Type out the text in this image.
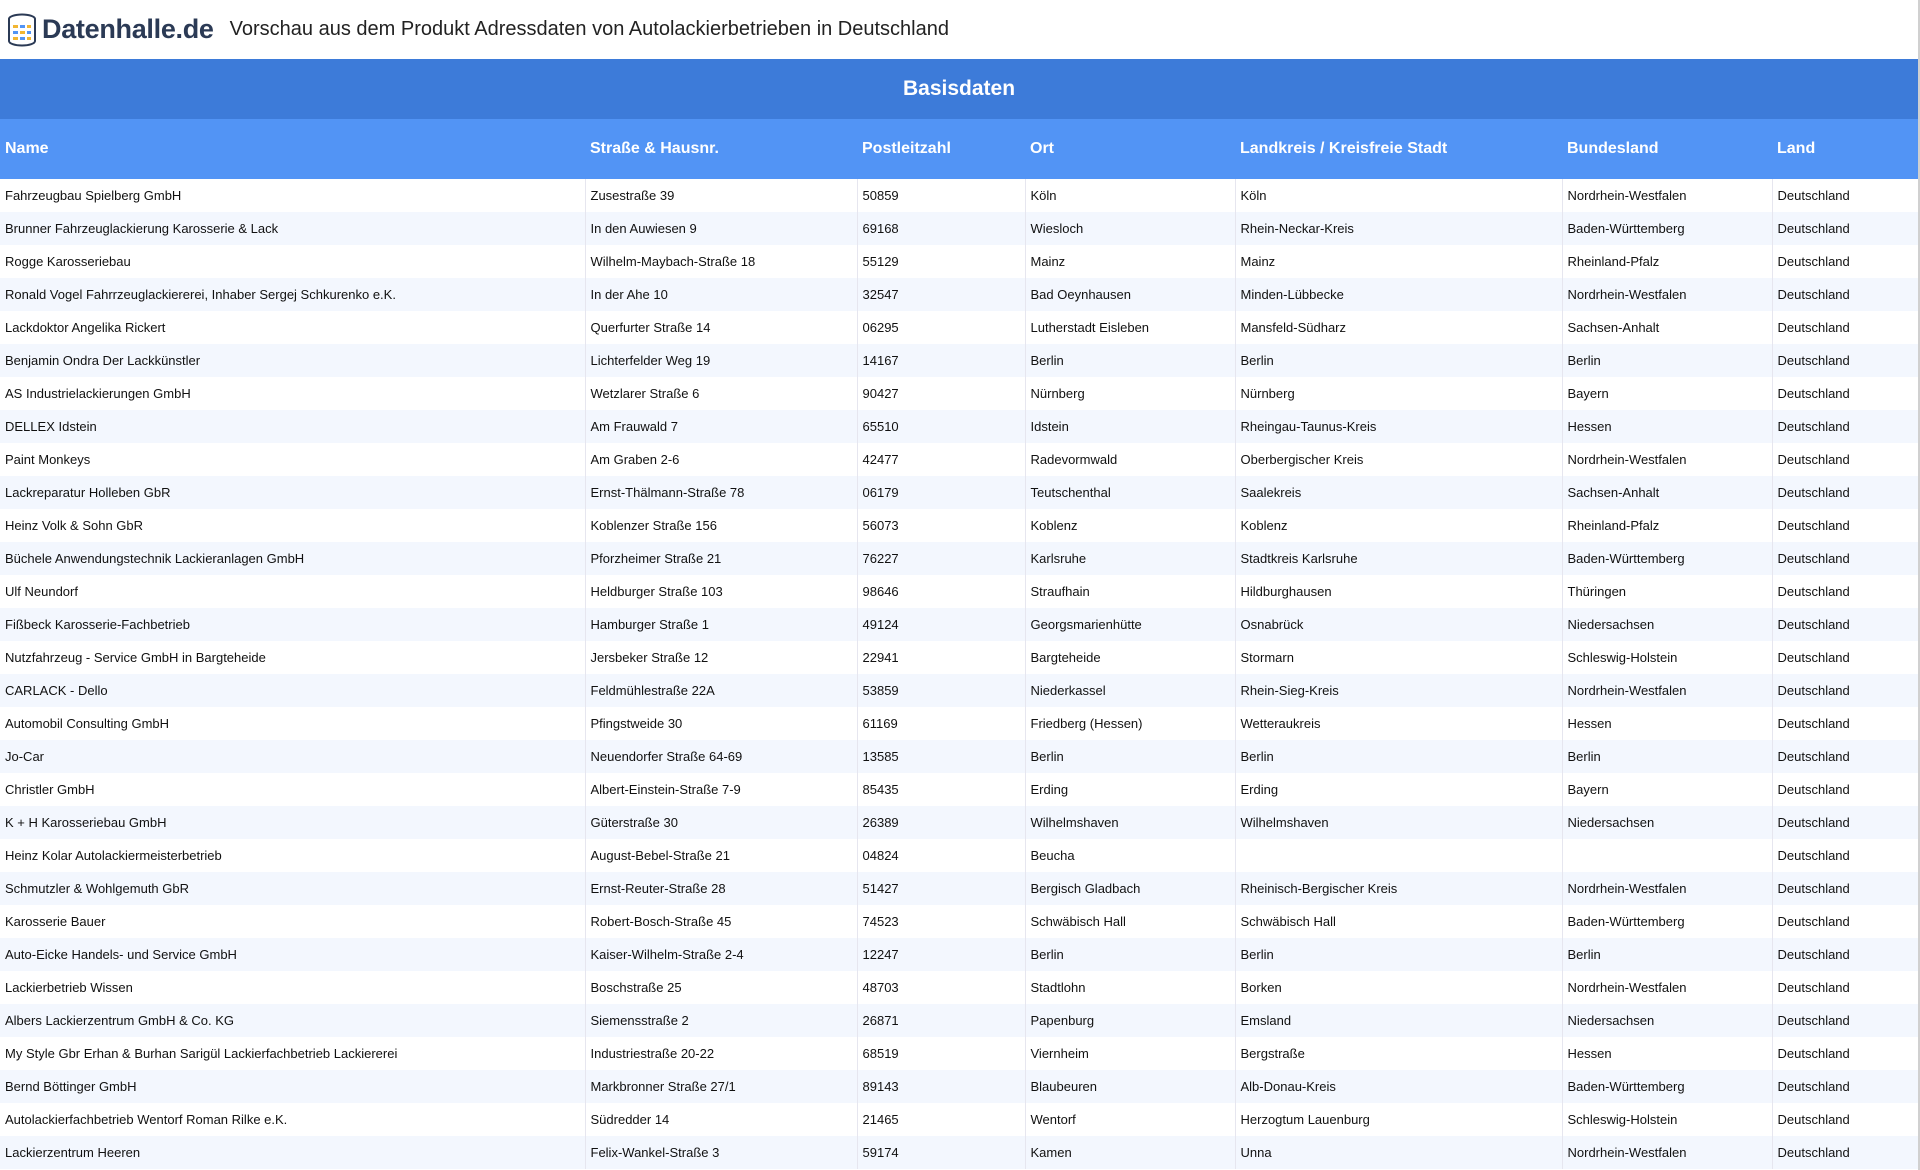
Datenhalle.de Vorschau aus dem Produkt Adressdaten von Autolackierbetrieben in Deutschland
Basisdaten						
Name	Straße & Hausnr.	Postleitzahl	Ort	Landkreis / Kreisfreie Stadt	Bundesland	Land
Fahrzeugbau Spielberg GmbH	Zusestraße 39	50859	Köln	Köln	Nordrhein-Westfalen	Deutschland
Brunner Fahrzeuglackierung Karosserie & Lack	In den Auwiesen 9	69168	Wiesloch	Rhein-Neckar-Kreis	Baden-Württemberg	Deutschland
Rogge Karosseriebau	Wilhelm-Maybach-Straße 18	55129	Mainz	Mainz	Rheinland-Pfalz	Deutschland
Ronald Vogel Fahrrzeuglackiererei, Inhaber Sergej Schkurenko e.K.	In der Ahe 10	32547	Bad Oeynhausen	Minden-Lübbecke	Nordrhein-Westfalen	Deutschland
Lackdoktor Angelika Rickert	Querfurter Straße 14	06295	Lutherstadt Eisleben	Mansfeld-Südharz	Sachsen-Anhalt	Deutschland
Benjamin Ondra Der Lackkünstler	Lichterfelder Weg 19	14167	Berlin	Berlin	Berlin	Deutschland
AS Industrielackierungen GmbH	Wetzlarer Straße 6	90427	Nürnberg	Nürnberg	Bayern	Deutschland
DELLEX Idstein	Am Frauwald 7	65510	Idstein	Rheingau-Taunus-Kreis	Hessen	Deutschland
Paint Monkeys	Am Graben 2-6	42477	Radevormwald	Oberbergischer Kreis	Nordrhein-Westfalen	Deutschland
Lackreparatur Holleben GbR	Ernst-Thälmann-Straße 78	06179	Teutschenthal	Saalekreis	Sachsen-Anhalt	Deutschland
Heinz Volk & Sohn GbR	Koblenzer Straße 156	56073	Koblenz	Koblenz	Rheinland-Pfalz	Deutschland
Büchele Anwendungstechnik Lackieranlagen GmbH	Pforzheimer Straße 21	76227	Karlsruhe	Stadtkreis Karlsruhe	Baden-Württemberg	Deutschland
Ulf Neundorf	Heldburger Straße 103	98646	Straufhain	Hildburghausen	Thüringen	Deutschland
Fißbeck Karosserie-Fachbetrieb	Hamburger Straße 1	49124	Georgsmarienhütte	Osnabrück	Niedersachsen	Deutschland
Nutzfahrzeug - Service GmbH in Bargteheide	Jersbeker Straße 12	22941	Bargteheide	Stormarn	Schleswig-Holstein	Deutschland
CARLACK - Dello	Feldmühlestraße 22A	53859	Niederkassel	Rhein-Sieg-Kreis	Nordrhein-Westfalen	Deutschland
Automobil Consulting GmbH	Pfingstweide 30	61169	Friedberg (Hessen)	Wetteraukreis	Hessen	Deutschland
Jo-Car	Neuendorfer Straße 64-69	13585	Berlin	Berlin	Berlin	Deutschland
Christler GmbH	Albert-Einstein-Straße 7-9	85435	Erding	Erding	Bayern	Deutschland
K + H Karosseriebau GmbH	Güterstraße 30	26389	Wilhelmshaven	Wilhelmshaven	Niedersachsen	Deutschland
Heinz Kolar Autolackiermeisterbetrieb	August-Bebel-Straße 21	04824	Beucha			Deutschland
Schmutzler & Wohlgemuth GbR	Ernst-Reuter-Straße 28	51427	Bergisch Gladbach	Rheinisch-Bergischer Kreis	Nordrhein-Westfalen	Deutschland
Karosserie Bauer	Robert-Bosch-Straße 45	74523	Schwäbisch Hall	Schwäbisch Hall	Baden-Württemberg	Deutschland
Auto-Eicke Handels- und Service GmbH	Kaiser-Wilhelm-Straße 2-4	12247	Berlin	Berlin	Berlin	Deutschland
Lackierbetrieb Wissen	Boschstraße 25	48703	Stadtlohn	Borken	Nordrhein-Westfalen	Deutschland
Albers Lackierzentrum GmbH & Co. KG	Siemensstraße 2	26871	Papenburg	Emsland	Niedersachsen	Deutschland
My Style Gbr Erhan & Burhan Sarigül Lackierfachbetrieb Lackiererei	Industriestraße 20-22	68519	Viernheim	Bergstraße	Hessen	Deutschland
Bernd Böttinger GmbH	Markbronner Straße 27/1	89143	Blaubeuren	Alb-Donau-Kreis	Baden-Württemberg	Deutschland
Autolackierfachbetrieb Wentorf Roman Rilke e.K.	Südredder 14	21465	Wentorf	Herzogtum Lauenburg	Schleswig-Holstein	Deutschland
Lackierzentrum Heeren	Felix-Wankel-Straße 3	59174	Kamen	Unna	Nordrhein-Westfalen	Deutschland
